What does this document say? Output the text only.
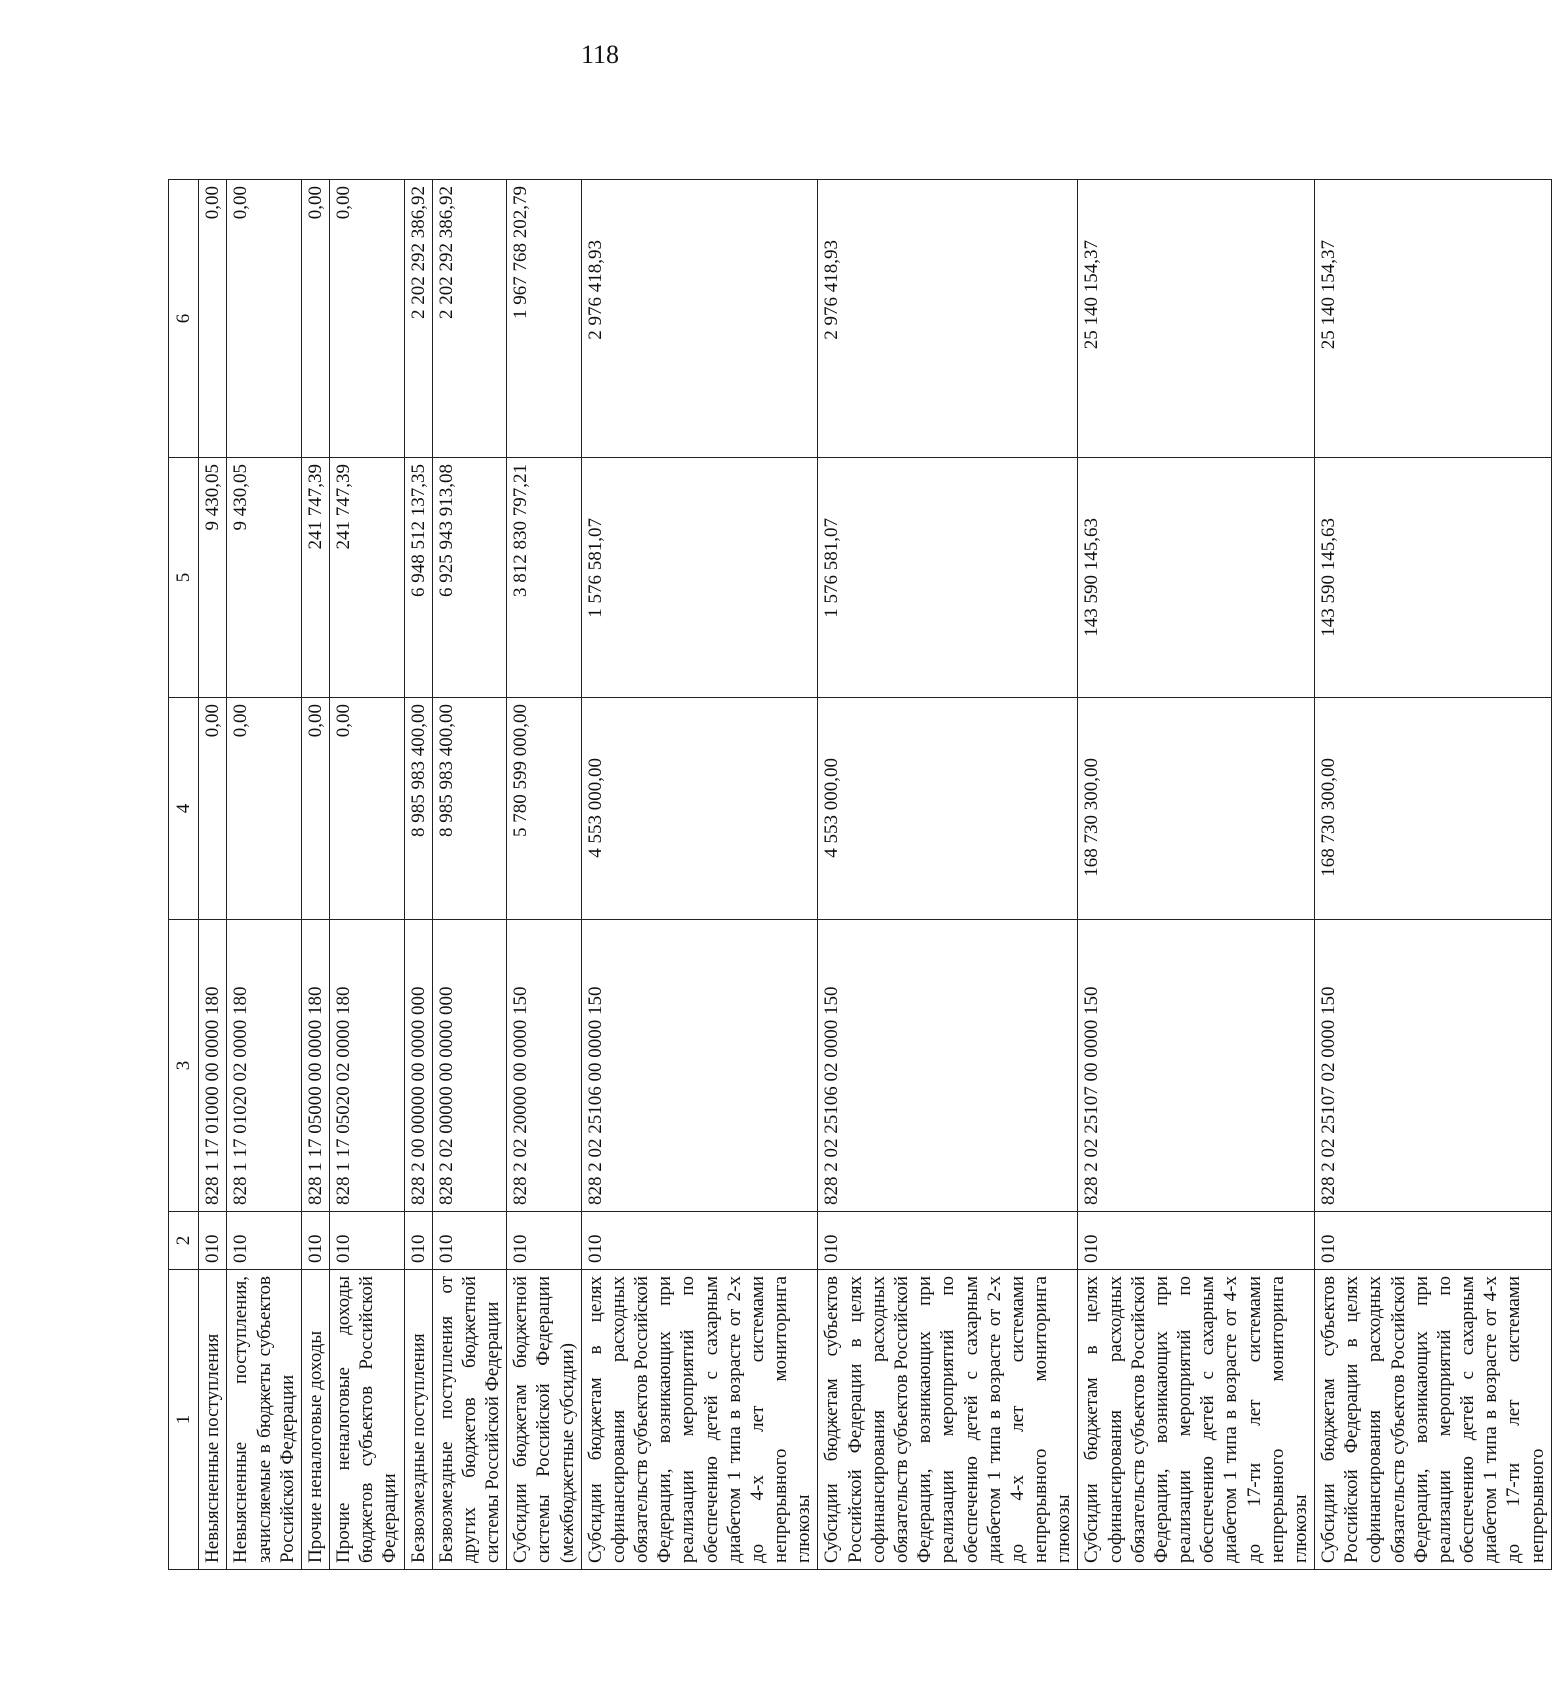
118
1	2	3	4	5	6
Невыясненные поступления	010	828 1 17 01000 00 0000 180	0,00	9 430,05	0,00
Невыясненные поступления, зачисляемые в бюджеты субъектов Российской Федерации	010	828 1 17 01020 02 0000 180	0,00	9 430,05	0,00
Прочие неналоговые доходы	010	828 1 17 05000 00 0000 180	0,00	241 747,39	0,00
Прочие неналоговые доходы бюджетов субъектов Российской Федерации	010	828 1 17 05020 02 0000 180	0,00	241 747,39	0,00
Безвозмездные поступления	010	828 2 00 00000 00 0000 000	8 985 983 400,00	6 948 512 137,35	2 202 292 386,92
Безвозмездные поступления от других бюджетов бюджетной системы Российской Федерации	010	828 2 02 00000 00 0000 000	8 985 983 400,00	6 925 943 913,08	2 202 292 386,92
Субсидии бюджетам бюджетной системы Российской Федерации (межбюджетные субсидии)	010	828 2 02 20000 00 0000 150	5 780 599 000,00	3 812 830 797,21	1 967 768 202,79
Субсидии бюджетам в целях софинансирования расходных обязательств субъектов Российской Федерации, возникающих при реализации мероприятий по обеспечению детей с сахарным диабетом 1 типа в возрасте от 2-х до 4-х лет системами непрерывного мониторинга глюкозы	010	828 2 02 25106 00 0000 150	4 553 000,00	1 576 581,07	2 976 418,93
Субсидии бюджетам субъектов Российской Федерации в целях софинансирования расходных обязательств субъектов Российской Федерации, возникающих при реализации мероприятий по обеспечению детей с сахарным диабетом 1 типа в возрасте от 2-х до 4-х лет системами непрерывного мониторинга глюкозы	010	828 2 02 25106 02 0000 150	4 553 000,00	1 576 581,07	2 976 418,93
Субсидии бюджетам в целях софинансирования расходных обязательств субъектов Российской Федерации, возникающих при реализации мероприятий по обеспечению детей с сахарным диабетом 1 типа в возрасте от 4-х до 17-ти лет системами непрерывного мониторинга глюкозы	010	828 2 02 25107 00 0000 150	168 730 300,00	143 590 145,63	25 140 154,37
Субсидии бюджетам субъектов Российской Федерации в целях софинансирования расходных обязательств субъектов Российской Федерации, возникающих при реализации мероприятий по обеспечению детей с сахарным диабетом 1 типа в возрасте от 4-х до 17-ти лет системами непрерывного	010	828 2 02 25107 02 0000 150	168 730 300,00	143 590 145,63	25 140 154,37
